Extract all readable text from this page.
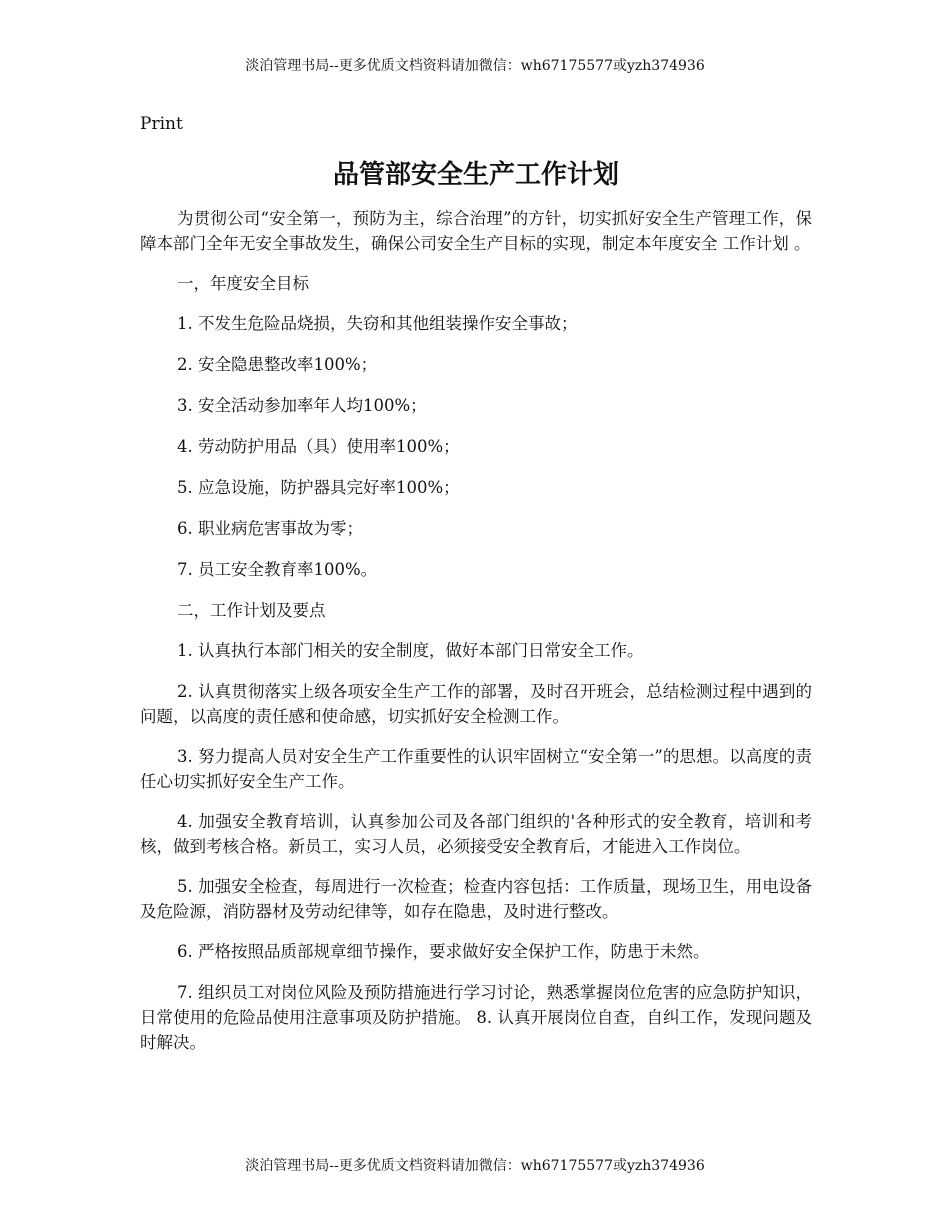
淡泊管理书局--更多优质文档资料请加微信：wh67175577或yzh374936
Print
品管部安全生产工作计划

为贯彻公司“安全第一，预防为主，综合治理”的方针，切实抓好安全生产管理工作，保障本部门全年无安全事故发生，确保公司安全生产目标的实现，制定本年度安全 工作计划 。

一，年度安全目标

1. 不发生危险品烧损，失窃和其他组装操作安全事故；

2. 安全隐患整改率100%；

3. 安全活动参加率年人均100%；

4. 劳动防护用品（具）使用率100%；

5. 应急设施，防护器具完好率100%；

6. 职业病危害事故为零；

7. 员工安全教育率100%。

二，工作计划及要点

1. 认真执行本部门相关的安全制度，做好本部门日常安全工作。

2. 认真贯彻落实上级各项安全生产工作的部署，及时召开班会，总结检测过程中遇到的问题，以高度的责任感和使命感，切实抓好安全检测工作。

3. 努力提高人员对安全生产工作重要性的认识牢固树立“安全第一”的思想。以高度的责任心切实抓好安全生产工作。

4. 加强安全教育培训，认真参加公司及各部门组织的'各种形式的安全教育，培训和考核，做到考核合格。新员工，实习人员，必须接受安全教育后，才能进入工作岗位。

5. 加强安全检查，每周进行一次检查；检查内容包括：工作质量，现场卫生，用电设备及危险源，消防器材及劳动纪律等，如存在隐患，及时进行整改。

6. 严格按照品质部规章细节操作，要求做好安全保护工作，防患于未然。

7. 组织员工对岗位风险及预防措施进行学习讨论，熟悉掌握岗位危害的应急防护知识，日常使用的危险品使用注意事项及防护措施。 8. 认真开展岗位自查，自纠工作，发现问题及时解决。

淡泊管理书局--更多优质文档资料请加微信：wh67175577或yzh374936
